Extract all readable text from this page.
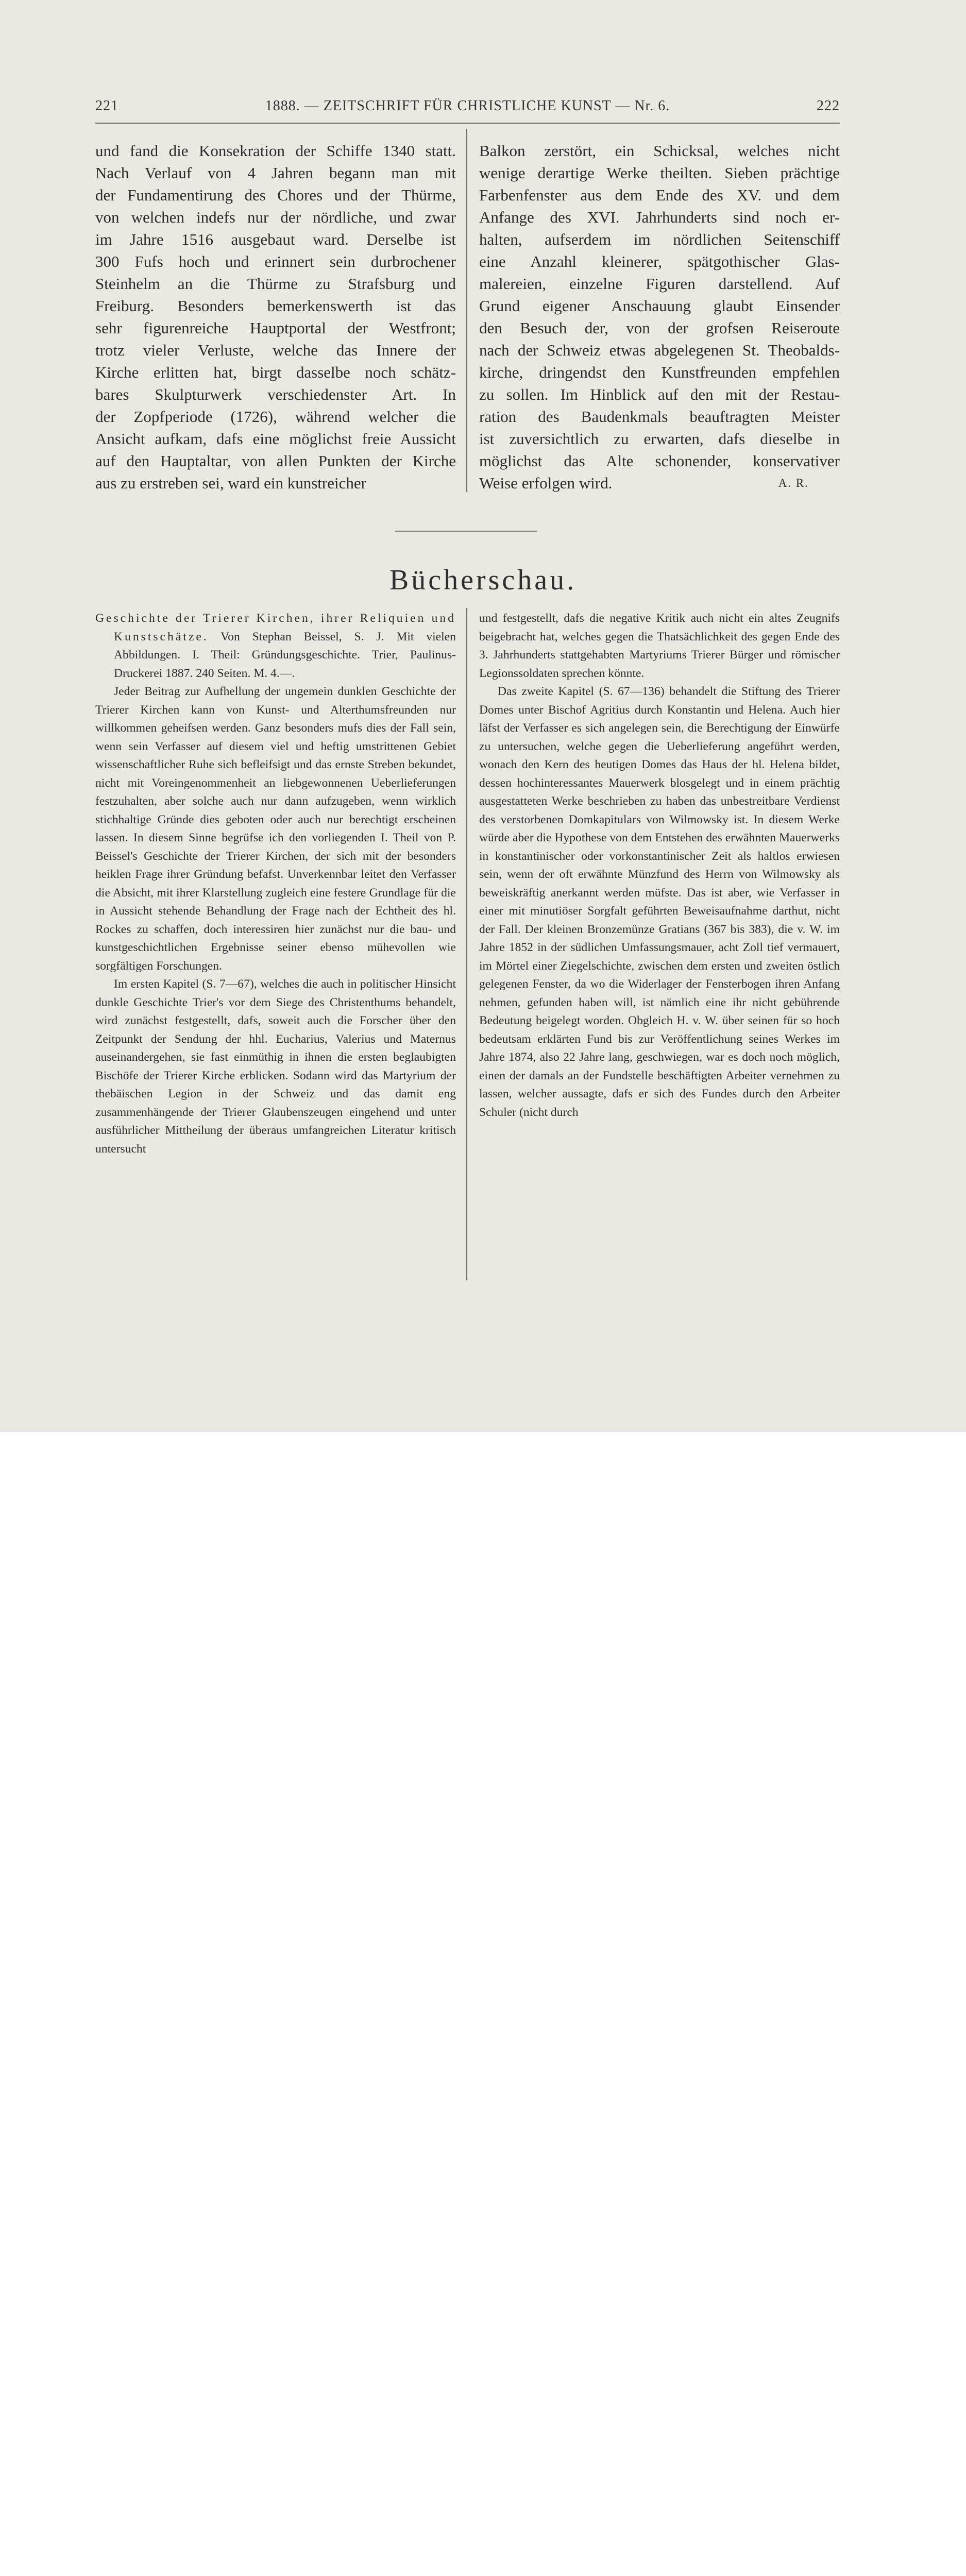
221	1888. — ZEITSCHRIFT FÜR CHRISTLICHE KUNST — Nr. 6.	222
und fand die Konsekration der Schiffe 1340 statt.
Nach Verlauf von 4 Jahren begann man mit
der Fundamentirung des Chores und der Thürme,
von welchen indefs nur der nördliche, und zwar
im Jahre 1516 ausgebaut ward. Derselbe ist
300 Fufs hoch und erinnert sein durbrochener
Steinhelm an die Thürme zu Strafsburg und
Freiburg. Besonders bemerkenswerth ist das
sehr figurenreiche Hauptportal der Westfront;
trotz vieler Verluste, welche das Innere der
Kirche erlitten hat, birgt dasselbe noch schätz-
bares Skulpturwerk verschiedenster Art. In
der Zopfperiode (1726), während welcher die
Ansicht aufkam, dafs eine möglichst freie Aussicht
auf den Hauptaltar, von allen Punkten der Kirche
aus zu erstreben sei, ward ein kunstreicher
Balkon zerstört, ein Schicksal, welches nicht
wenige derartige Werke theilten. Sieben prächtige
Farbenfenster aus dem Ende des XV. und dem
Anfange des XVI. Jahrhunderts sind noch er-
halten, aufserdem im nördlichen Seitenschiff
eine Anzahl kleinerer, spätgothischer Glas-
malereien, einzelne Figuren darstellend. Auf
Grund eigener Anschauung glaubt Einsender
den Besuch der, von der grofsen Reiseroute
nach der Schweiz etwas abgelegenen St. Theobalds-
kirche, dringendst den Kunstfreunden empfehlen
zu sollen. Im Hinblick auf den mit der Restau-
ration des Baudenkmals beauftragten Meister
ist zuversichtlich zu erwarten, dafs dieselbe in
möglichst das Alte schonender, konservativer
Weise erfolgen wird.	A. R.
Bücherschau.

Geschichte der Trierer Kirchen, ihrer Reliquien und Kunstschätze. Von Stephan Beissel, S. J. Mit vielen Abbildungen. I. Theil: Gründungsgeschichte. Trier, Paulinus-Druckerei 1887. 240 Seiten. M. 4.—.

Jeder Beitrag zur Aufhellung der ungemein dunklen Geschichte der Trierer Kirchen kann von Kunst- und Alterthumsfreunden nur willkommen geheifsen werden. Ganz besonders mufs dies der Fall sein, wenn sein Verfasser auf diesem viel und heftig umstrittenen Gebiet wissenschaftlicher Ruhe sich befleifsigt und das ernste Streben bekundet, nicht mit Voreingenommenheit an liebgewonnenen Ueberlieferungen festzuhalten, aber solche auch nur dann aufzugeben, wenn wirklich stichhaltige Gründe dies geboten oder auch nur berechtigt erscheinen lassen. In diesem Sinne begrüfse ich den vorliegenden I. Theil von P. Beissel's Geschichte der Trierer Kirchen, der sich mit der besonders heiklen Frage ihrer Gründung befafst. Unverkennbar leitet den Verfasser die Absicht, mit ihrer Klarstellung zugleich eine festere Grundlage für die in Aussicht stehende Behandlung der Frage nach der Echtheit des hl. Rockes zu schaffen, doch interessiren hier zunächst nur die bau- und kunstgeschichtlichen Ergebnisse seiner ebenso mühevollen wie sorgfältigen Forschungen.

Im ersten Kapitel (S. 7—67), welches die auch in politischer Hinsicht dunkle Geschichte Trier's vor dem Siege des Christenthums behandelt, wird zunächst festgestellt, dafs, soweit auch die Forscher über den Zeitpunkt der Sendung der hhl. Eucharius, Valerius und Maternus auseinandergehen, sie fast einmüthig in ihnen die ersten beglaubigten Bischöfe der Trierer Kirche erblicken. Sodann wird das Martyrium der thebäischen Legion in der Schweiz und das damit eng zusammenhängende der Trierer Glaubenszeugen eingehend und unter ausführlicher Mittheilung der überaus umfangreichen Literatur kritisch untersucht

und festgestellt, dafs die negative Kritik auch nicht ein altes Zeugnifs beigebracht hat, welches gegen die Thatsächlichkeit des gegen Ende des 3. Jahrhunderts stattgehabten Martyriums Trierer Bürger und römischer Legionssoldaten sprechen könnte.

Das zweite Kapitel (S. 67—136) behandelt die Stiftung des Trierer Domes unter Bischof Agritius durch Konstantin und Helena. Auch hier läfst der Verfasser es sich angelegen sein, die Berechtigung der Einwürfe zu untersuchen, welche gegen die Ueberlieferung angeführt werden, wonach den Kern des heutigen Domes das Haus der hl. Helena bildet, dessen hochinteressantes Mauerwerk blosgelegt und in einem prächtig ausgestatteten Werke beschrieben zu haben das unbestreitbare Verdienst des verstorbenen Domkapitulars von Wilmowsky ist. In diesem Werke würde aber die Hypothese von dem Entstehen des erwähnten Mauerwerks in konstantinischer oder vorkonstantinischer Zeit als haltlos erwiesen sein, wenn der oft erwähnte Münzfund des Herrn von Wilmowsky als beweiskräftig anerkannt werden müfste. Das ist aber, wie Verfasser in einer mit minutiöser Sorgfalt geführten Beweisaufnahme darthut, nicht der Fall. Der kleinen Bronzemünze Gratians (367 bis 383), die v. W. im Jahre 1852 in der südlichen Umfassungsmauer, acht Zoll tief vermauert, im Mörtel einer Ziegelschichte, zwischen dem ersten und zweiten östlich gelegenen Fenster, da wo die Widerlager der Fensterbogen ihren Anfang nehmen, gefunden haben will, ist nämlich eine ihr nicht gebührende Bedeutung beigelegt worden. Obgleich H. v. W. über seinen für so hoch bedeutsam erklärten Fund bis zur Veröffentlichung seines Werkes im Jahre 1874, also 22 Jahre lang, geschwiegen, war es doch noch möglich, einen der damals an der Fundstelle beschäftigten Arbeiter vernehmen zu lassen, welcher aussagte, dafs er sich des Fundes durch den Arbeiter Schuler (nicht durch
